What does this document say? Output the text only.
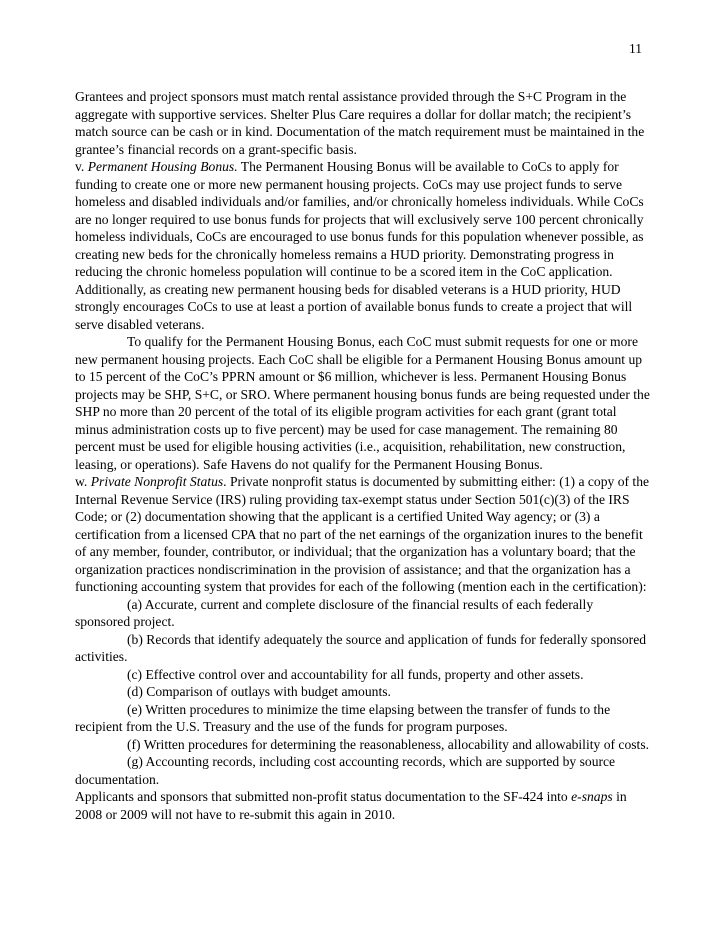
11

Grantees and project sponsors must match rental assistance provided through the S+C Program in the aggregate with supportive services. Shelter Plus Care requires a dollar for dollar match; the recipient’s match source can be cash or in kind. Documentation of the match requirement must be maintained in the grantee’s financial records on a grant-specific basis.

v. Permanent Housing Bonus. The Permanent Housing Bonus will be available to CoCs to apply for funding to create one or more new permanent housing projects. CoCs may use project funds to serve homeless and disabled individuals and/or families, and/or chronically homeless individuals. While CoCs are no longer required to use bonus funds for projects that will exclusively serve 100 percent chronically homeless individuals, CoCs are encouraged to use bonus funds for this population whenever possible, as creating new beds for the chronically homeless remains a HUD priority. Demonstrating progress in reducing the chronic homeless population will continue to be a scored item in the CoC application. Additionally, as creating new permanent housing beds for disabled veterans is a HUD priority, HUD strongly encourages CoCs to use at least a portion of available bonus funds to create a project that will serve disabled veterans.

To qualify for the Permanent Housing Bonus, each CoC must submit requests for one or more new permanent housing projects. Each CoC shall be eligible for a Permanent Housing Bonus amount up to 15 percent of the CoC’s PPRN amount or $6 million, whichever is less. Permanent Housing Bonus projects may be SHP, S+C, or SRO. Where permanent housing bonus funds are being requested under the SHP no more than 20 percent of the total of its eligible program activities for each grant (grant total minus administration costs up to five percent) may be used for case management. The remaining 80 percent must be used for eligible housing activities (i.e., acquisition, rehabilitation, new construction, leasing, or operations). Safe Havens do not qualify for the Permanent Housing Bonus.

w. Private Nonprofit Status. Private nonprofit status is documented by submitting either: (1) a copy of the Internal Revenue Service (IRS) ruling providing tax-exempt status under Section 501(c)(3) of the IRS Code; or (2) documentation showing that the applicant is a certified United Way agency; or (3) a certification from a licensed CPA that no part of the net earnings of the organization inures to the benefit of any member, founder, contributor, or individual; that the organization has a voluntary board; that the organization practices nondiscrimination in the provision of assistance; and that the organization has a functioning accounting system that provides for each of the following (mention each in the certification):

(a) Accurate, current and complete disclosure of the financial results of each federally sponsored project.

(b) Records that identify adequately the source and application of funds for federally sponsored activities.

(c) Effective control over and accountability for all funds, property and other assets.

(d) Comparison of outlays with budget amounts.

(e) Written procedures to minimize the time elapsing between the transfer of funds to the recipient from the U.S. Treasury and the use of the funds for program purposes.

(f) Written procedures for determining the reasonableness, allocability and allowability of costs.

(g) Accounting records, including cost accounting records, which are supported by source documentation.

Applicants and sponsors that submitted non-profit status documentation to the SF-424 into e-snaps in 2008 or 2009 will not have to re-submit this again in 2010.
